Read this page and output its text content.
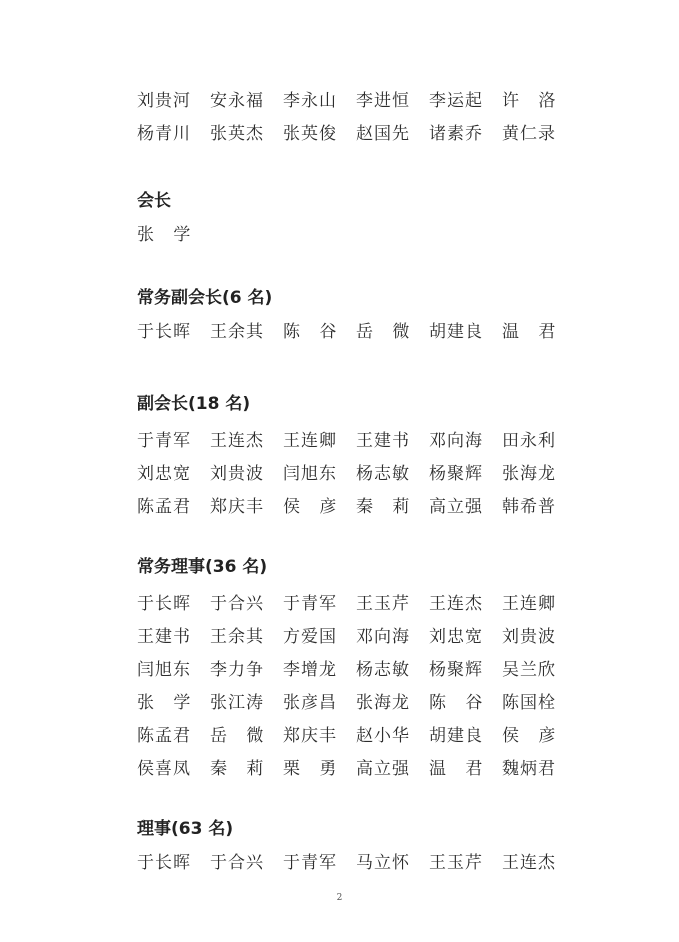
刘贵河	安永福	李永山	李进恒	李运起	许 洛
杨青川	张英杰	张英俊	赵国先	诸素乔	黄仁录
会长
张 学
常务副会长(6 名)
于长晖	王余其	陈 谷	岳 微	胡建良	温 君
副会长(18 名)
于青军	王连杰	王连卿	王建书	邓向海	田永利
刘忠宽	刘贵波	闫旭东	杨志敏	杨聚辉	张海龙
陈孟君	郑庆丰	侯 彦	秦 莉	高立强	韩希普
常务理事(36 名)
于长晖	于合兴	于青军	王玉芹	王连杰	王连卿
王建书	王余其	方爱国	邓向海	刘忠宽	刘贵波
闫旭东	李力争	李增龙	杨志敏	杨聚辉	吴兰欣
张 学	张江涛	张彦昌	张海龙	陈 谷	陈国栓
陈孟君	岳 微	郑庆丰	赵小华	胡建良	侯 彦
侯喜凤	秦 莉	栗 勇	高立强	温 君	魏炳君
理事(63 名)
于长晖	于合兴	于青军	马立怀	王玉芹	王连杰
2
